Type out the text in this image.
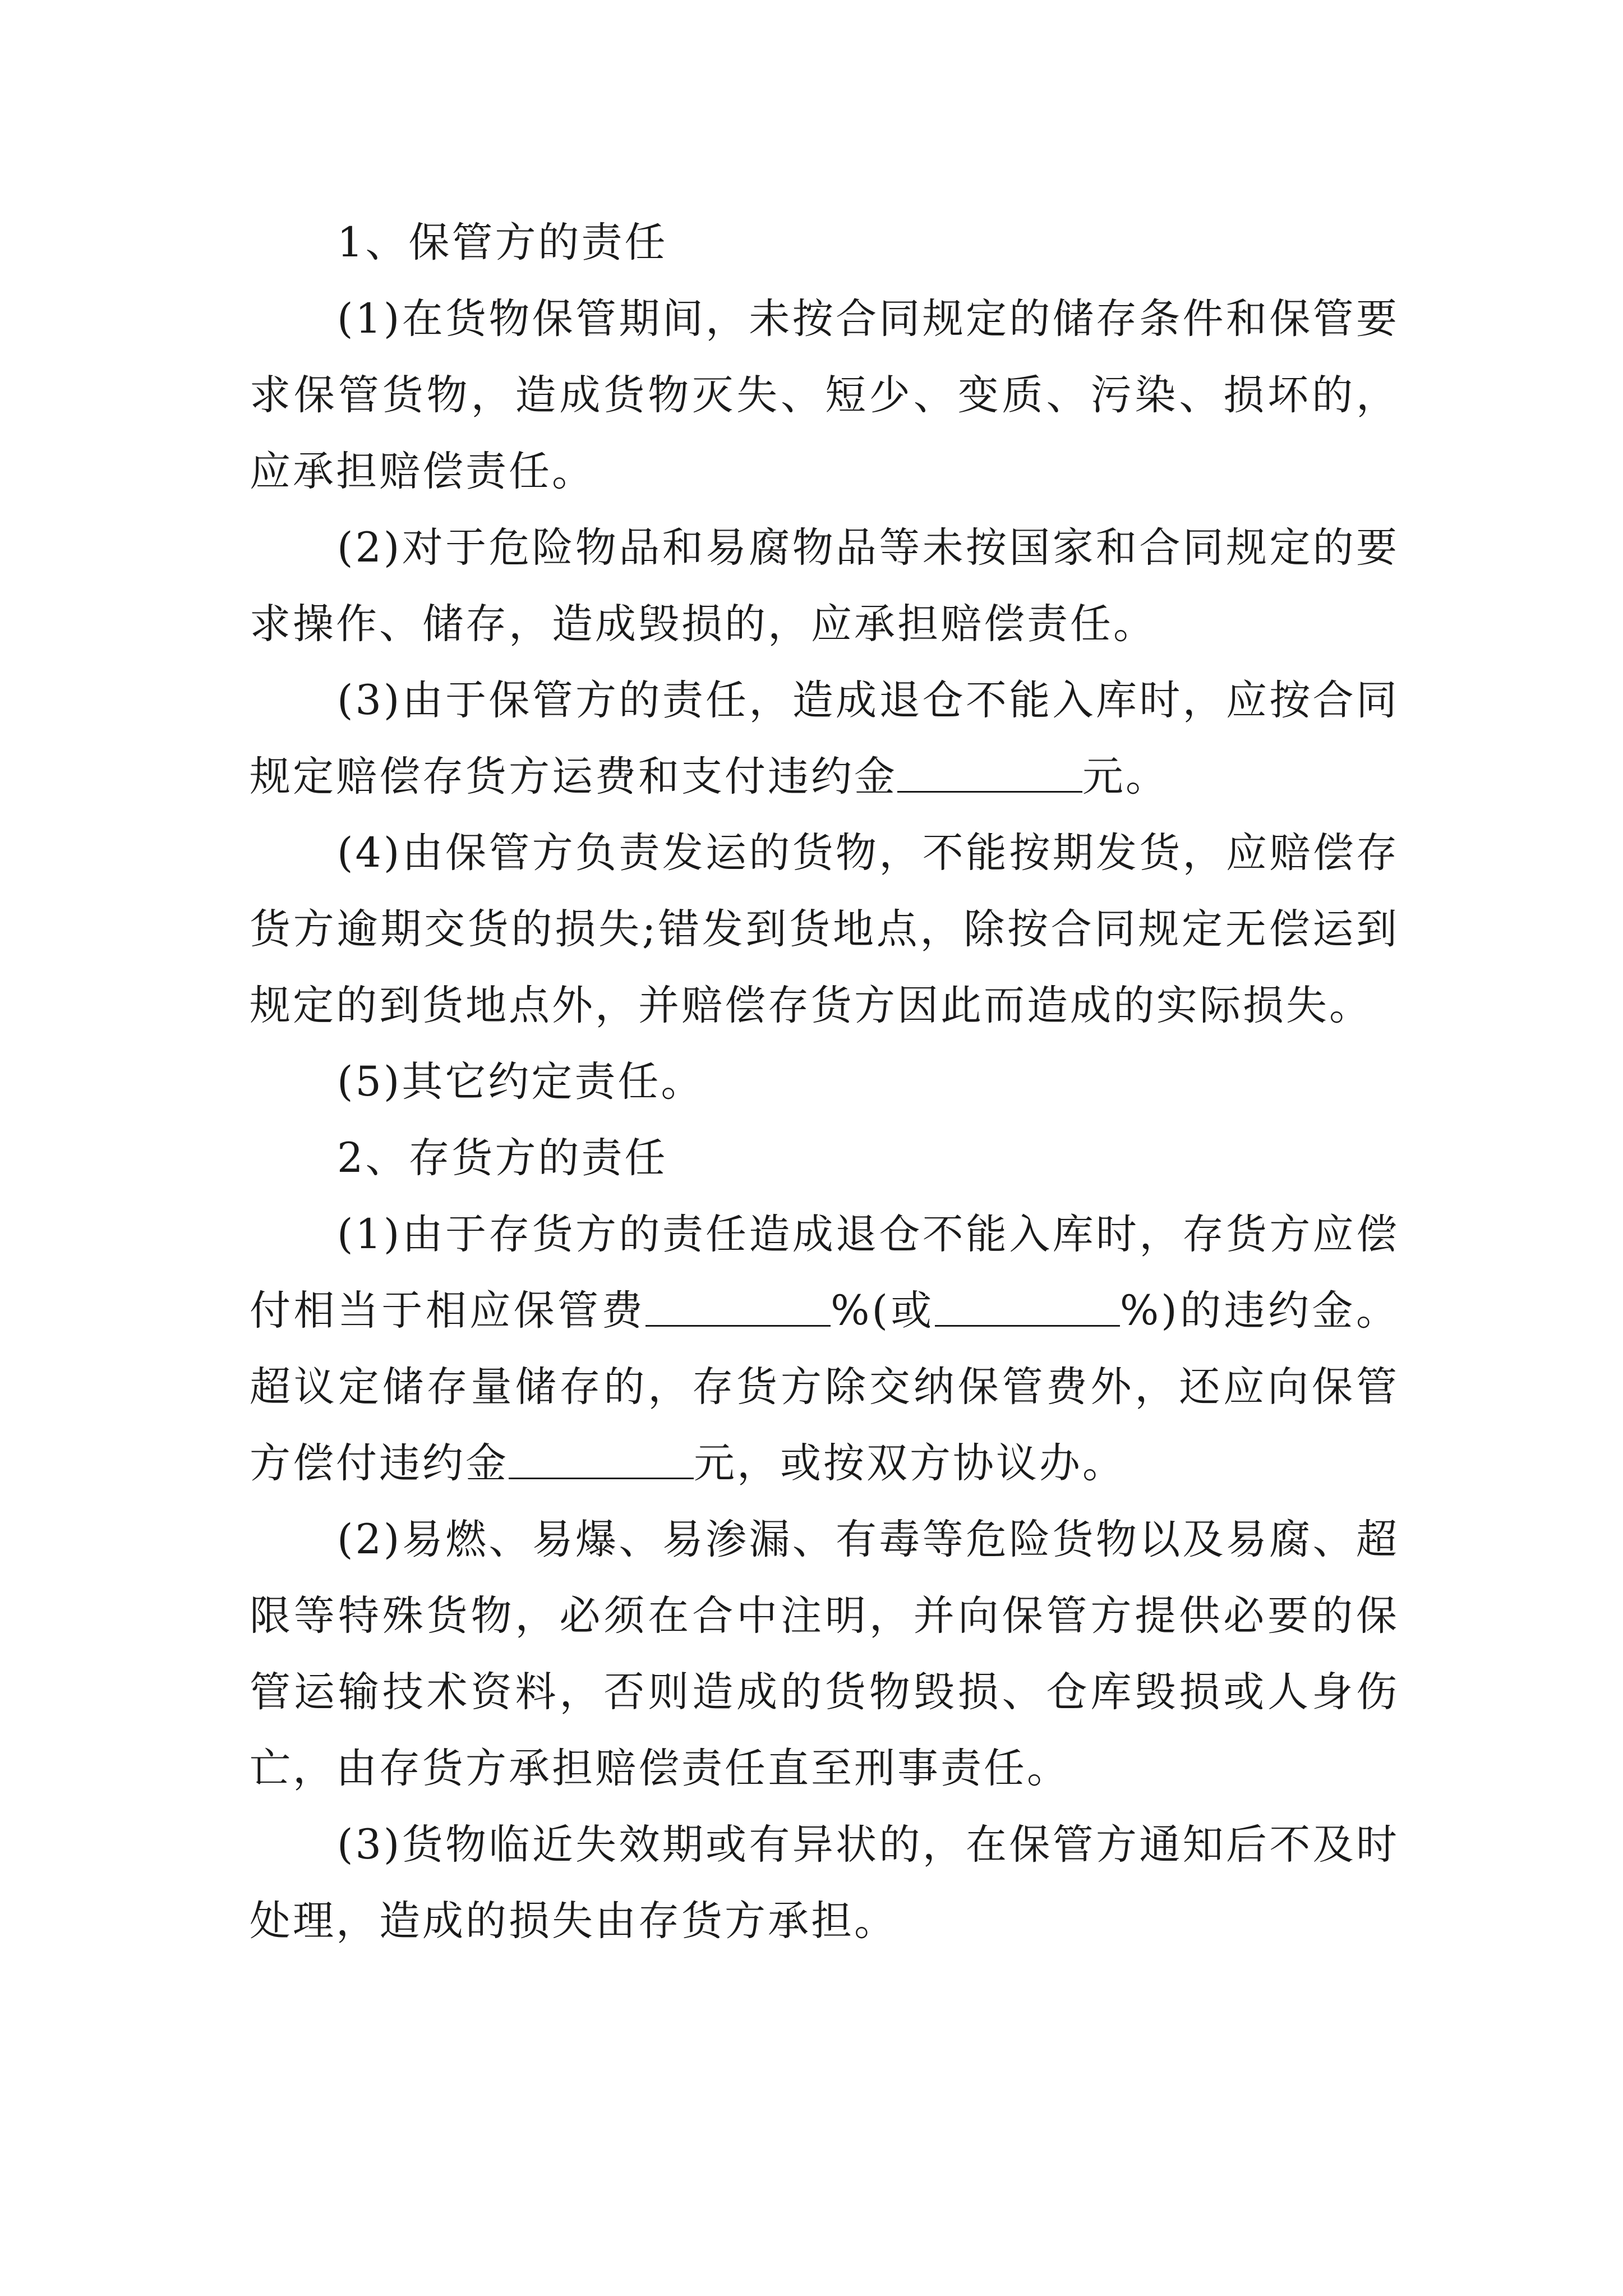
1、保管方的责任

(1)在货物保管期间，未按合同规定的储存条件和保管要求保管货物，造成货物灭失、短少、变质、污染、损坏的，应承担赔偿责任。

(2)对于危险物品和易腐物品等未按国家和合同规定的要求操作、储存，造成毁损的，应承担赔偿责任。

(3)由于保管方的责任，造成退仓不能入库时，应按合同规定赔偿存货方运费和支付违约金	元。

(4)由保管方负责发运的货物，不能按期发货，应赔偿存货方逾期交货的损失;错发到货地点，除按合同规定无偿运到规定的到货地点外，并赔偿存货方因此而造成的实际损失。

(5)其它约定责任。

2、存货方的责任

(1)由于存货方的责任造成退仓不能入库时，存货方应偿付相当于相应保管费	%(或	%)的违约金。超议定储存量储存的，存货方除交纳保管费外，还应向保管方偿付违约金	元，或按双方协议办。

(2)易燃、易爆、易渗漏、有毒等危险货物以及易腐、超限等特殊货物，必须在合中注明，并向保管方提供必要的保管运输技术资料，否则造成的货物毁损、仓库毁损或人身伤亡，由存货方承担赔偿责任直至刑事责任。

(3)货物临近失效期或有异状的，在保管方通知后不及时处理，造成的损失由存货方承担。
